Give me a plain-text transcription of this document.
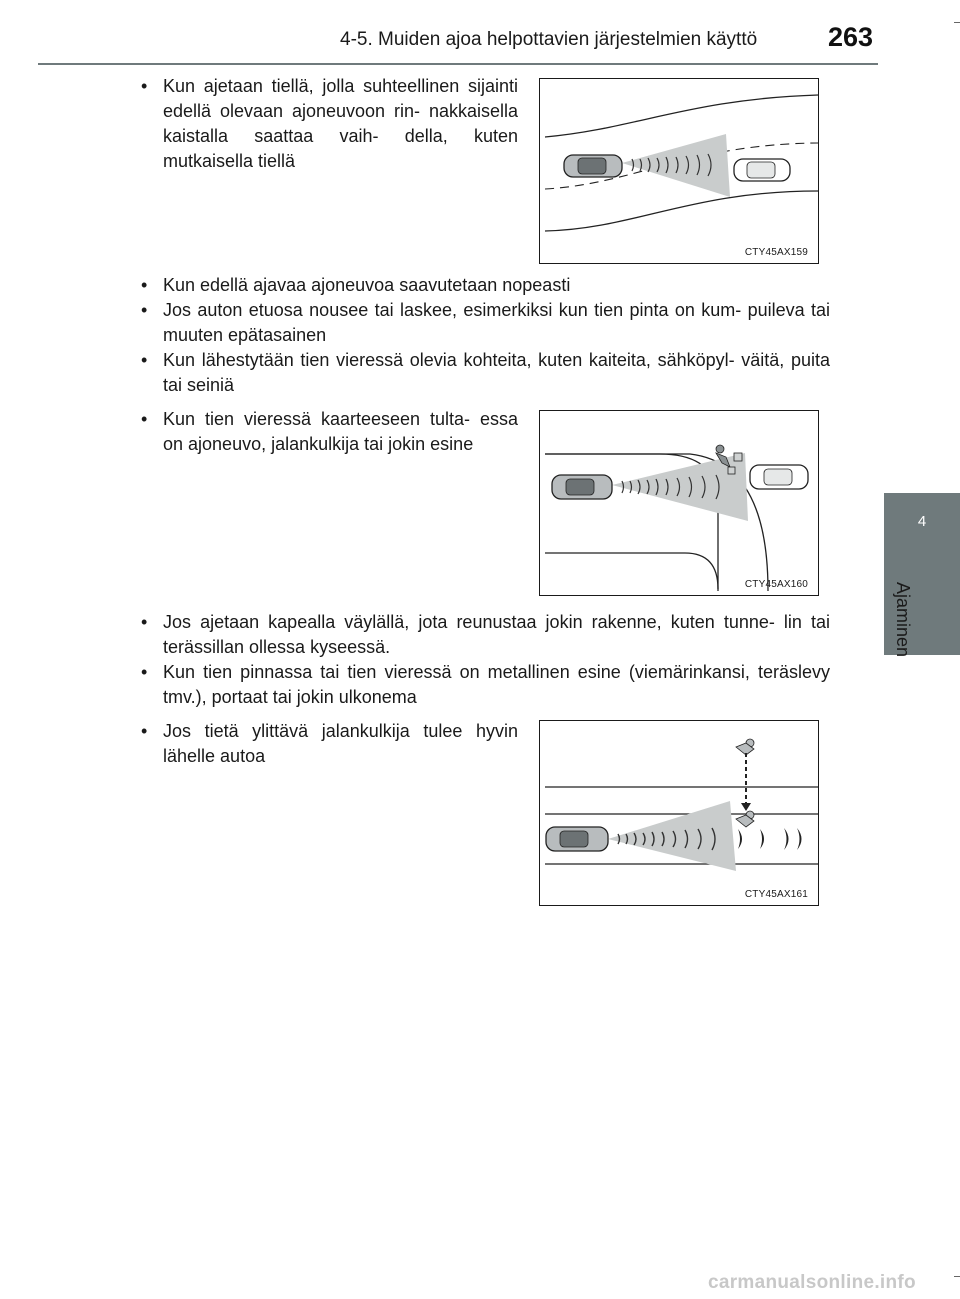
4-5. Muiden ajoa helpottavien järjestelmien käyttö	263
4
Ajaminen
• Kun ajetaan tiellä, jolla suhteellinen sijainti edellä olevaan ajoneuvoon rin- nakkaisella kaistalla saattaa vaih- della, kuten mutkaisella tiellä
CTY45AX159
• Kun edellä ajavaa ajoneuvoa saavutetaan nopeasti
• Jos auton etuosa nousee tai laskee, esimerkiksi kun tien pinta on kum- puileva tai muuten epätasainen
• Kun lähestytään tien vieressä olevia kohteita, kuten kaiteita, sähköpyl- väitä, puita tai seiniä
• Kun tien vieressä kaarteeseen tulta- essa on ajoneuvo, jalankulkija tai jokin esine
CTY45AX160
• Jos ajetaan kapealla väylällä, jota reunustaa jokin rakenne, kuten tunne- lin tai terässillan ollessa kyseessä.
• Kun tien pinnassa tai tien vieressä on metallinen esine (viemärinkansi, teräslevy tmv.), portaat tai jokin ulkonema
• Jos tietä ylittävä jalankulkija tulee hyvin lähelle autoa
CTY45AX161
carmanualsonline.info
